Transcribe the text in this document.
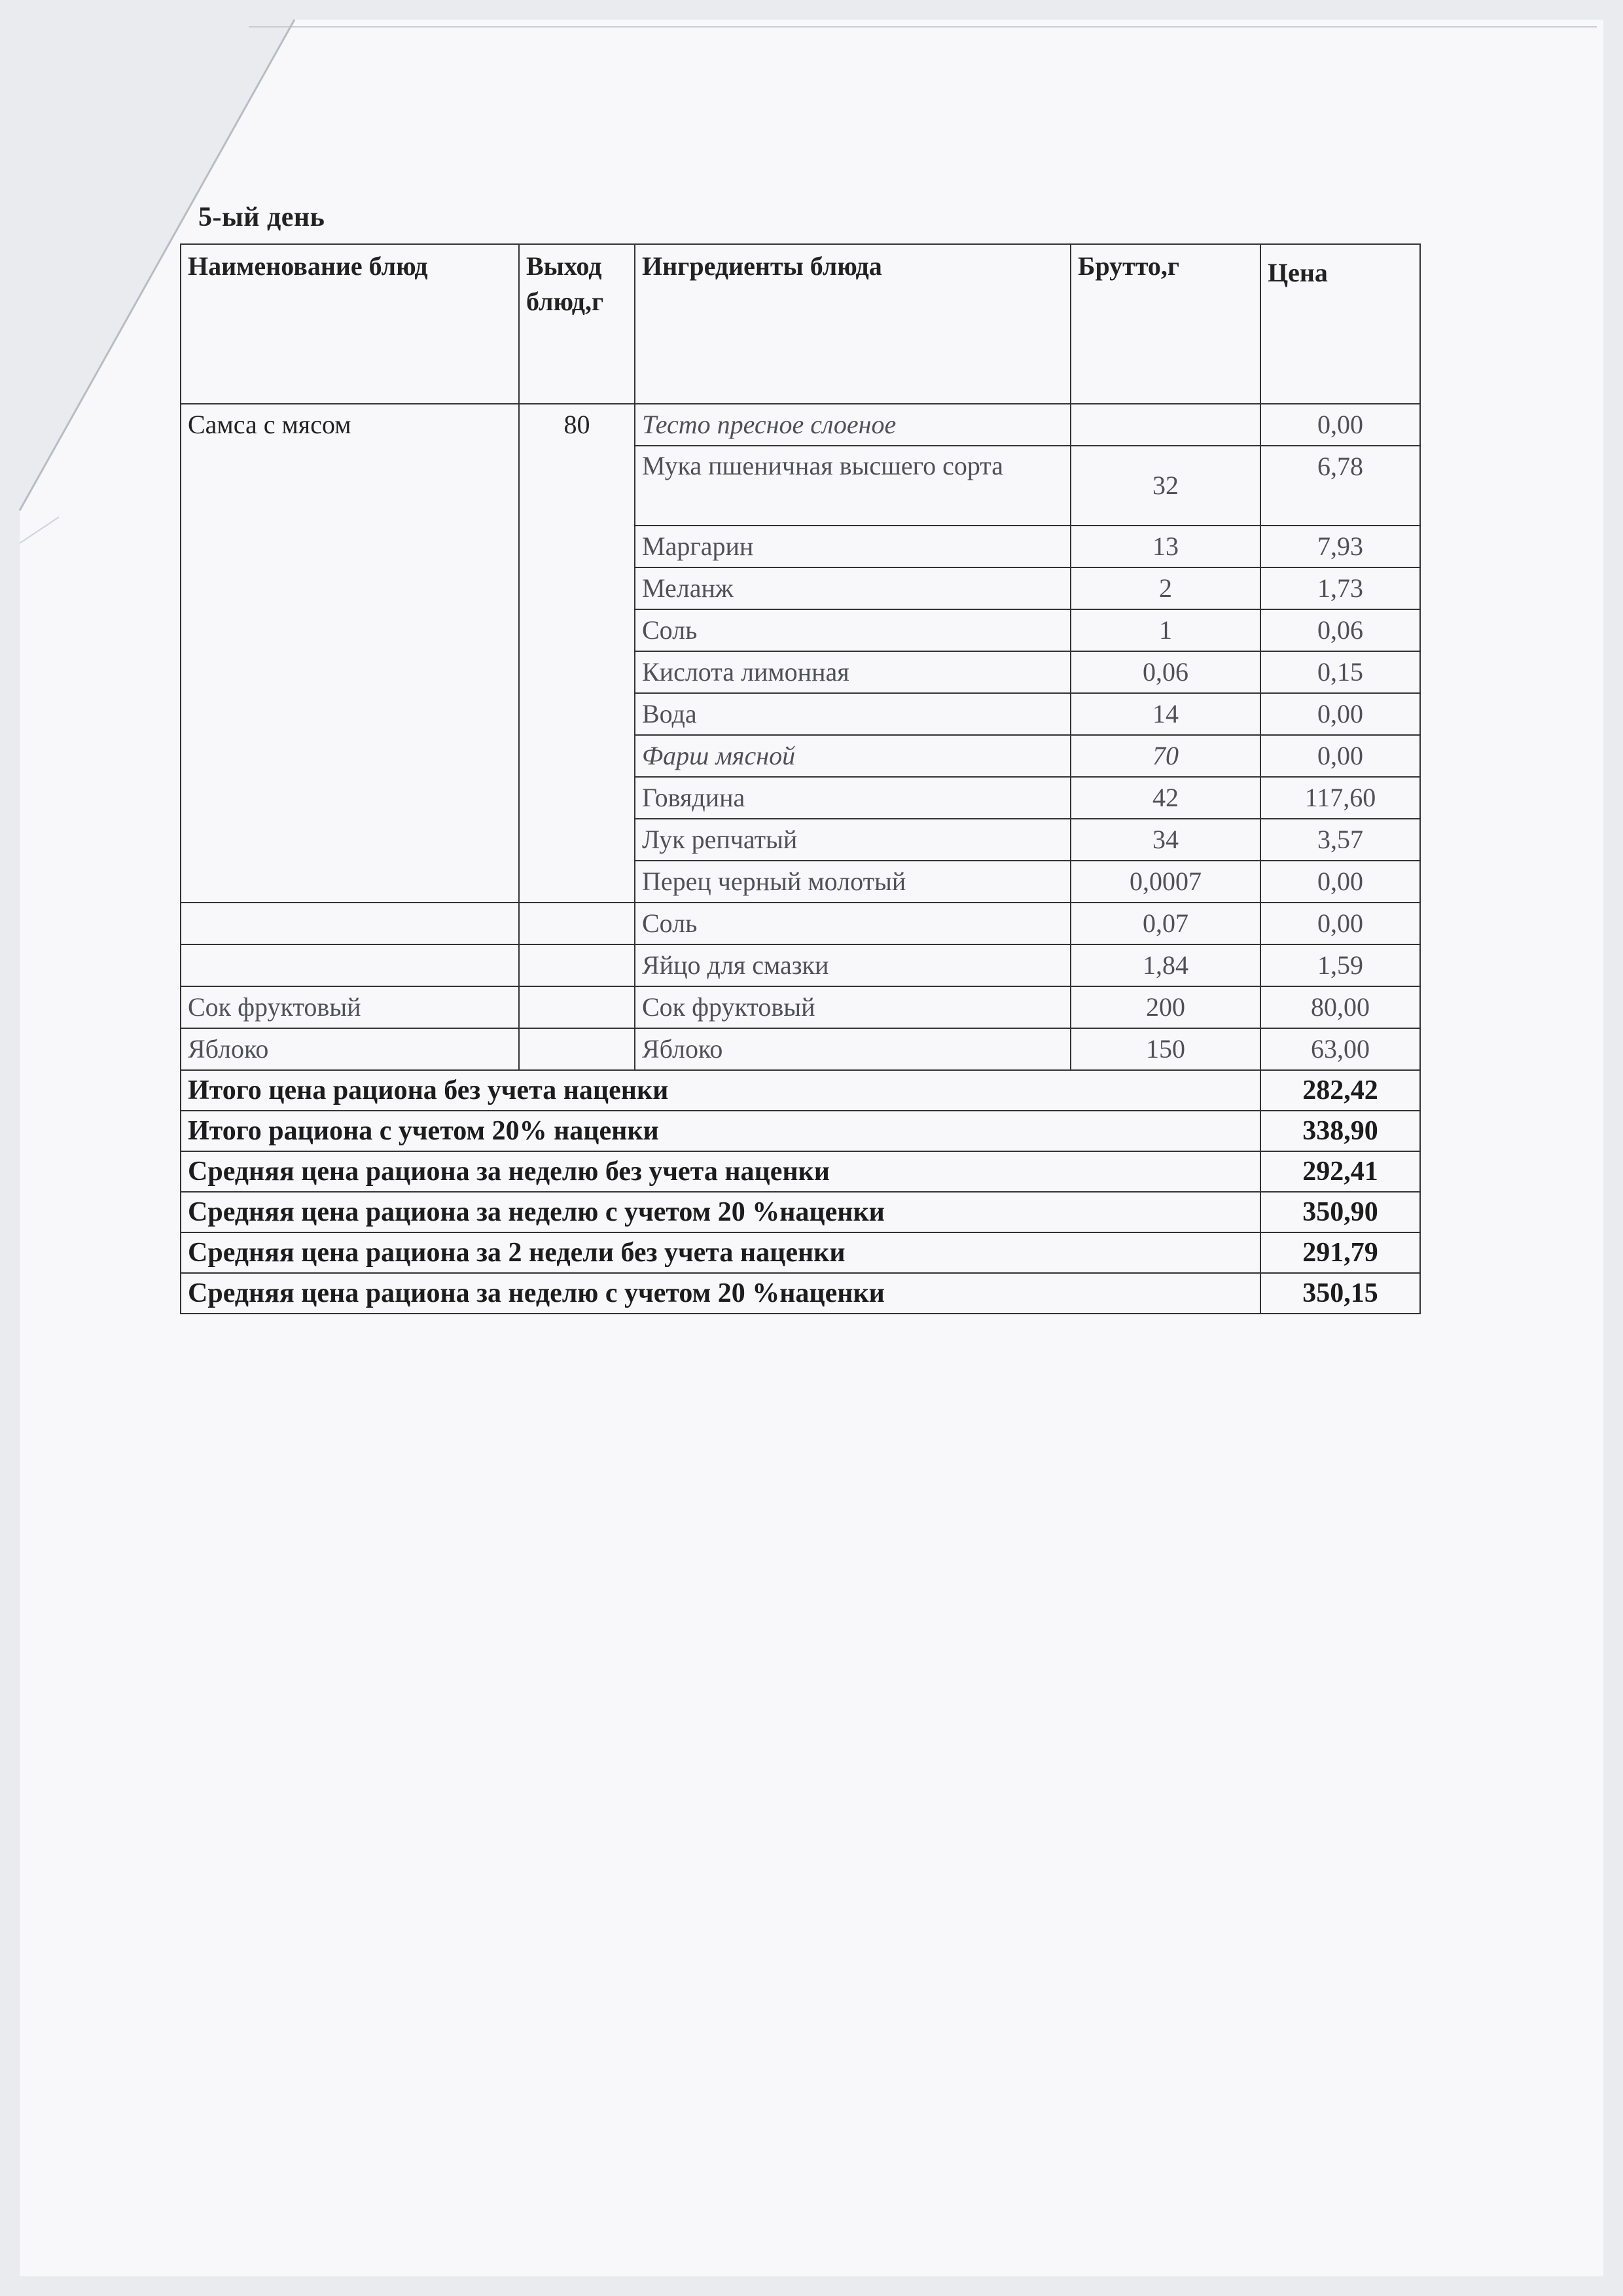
5-ый день
Наименование блюд	Выход блюд,г	Ингредиенты блюда	Брутто,г	Цена
Самса с мясом	80	Тесто пресное слоеное		0,00
		Мука пшеничная высшего сорта	32	6,78
		Маргарин	13	7,93
		Меланж	2	1,73
		Соль	1	0,06
		Кислота лимонная	0,06	0,15
		Вода	14	0,00
		Фарш мясной	70	0,00
		Говядина	42	117,60
		Лук репчатый	34	3,57
		Перец черный молотый	0,0007	0,00
		Соль	0,07	0,00
		Яйцо для смазки	1,84	1,59
Сок фруктовый		Сок фруктовый	200	80,00
Яблоко		Яблоко	150	63,00
Итого цена рациона без учета наценки				282,42
Итого рациона с учетом 20% наценки				338,90
Средняя цена рациона за неделю без учета наценки				292,41
Средняя цена рациона за неделю с учетом 20 %наценки				350,90
Средняя цена рациона за 2 недели без учета наценки				291,79
Средняя цена рациона за неделю с учетом 20 %наценки				350,15
